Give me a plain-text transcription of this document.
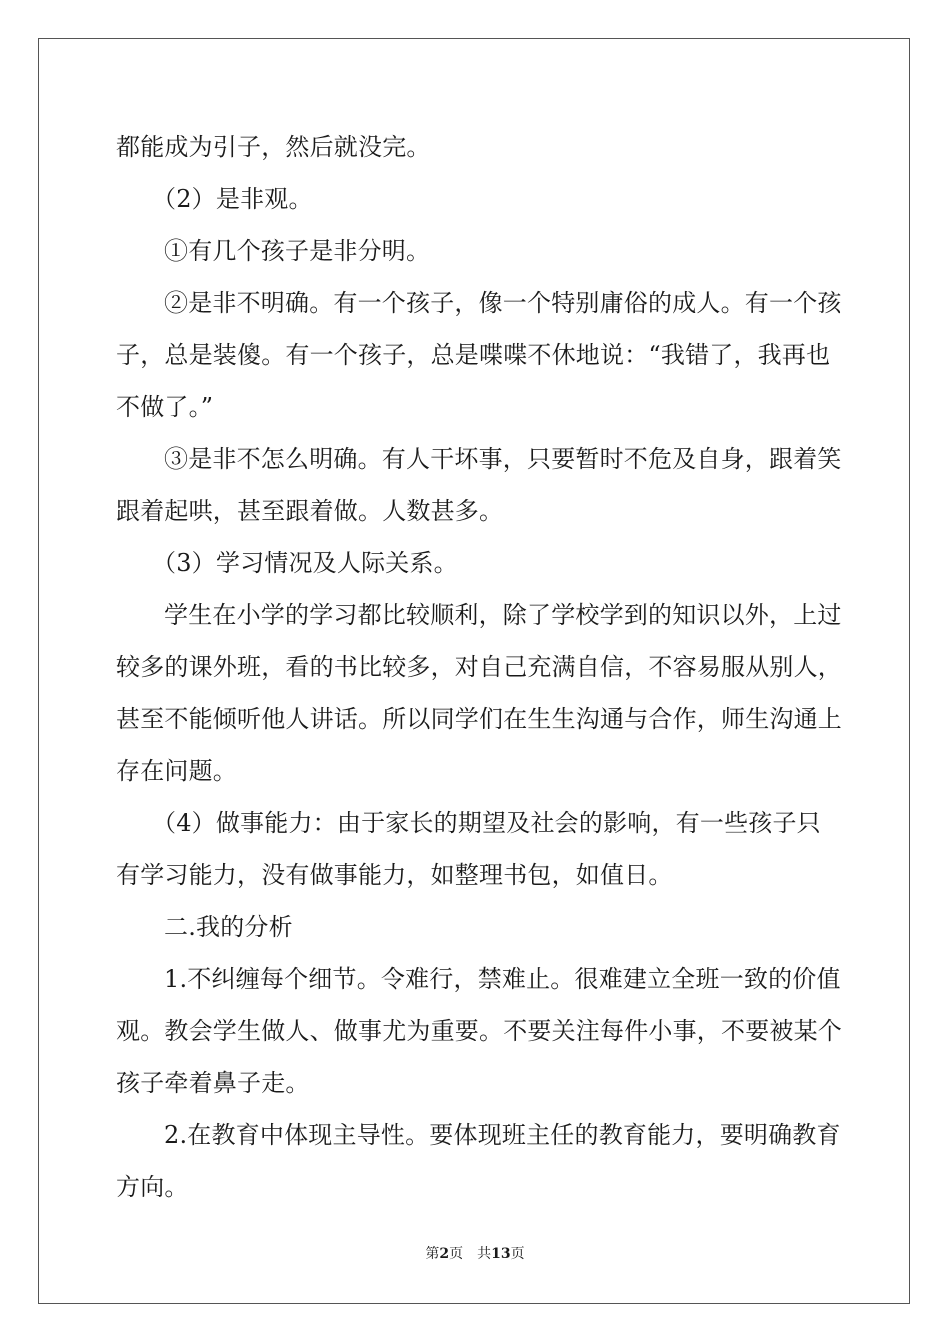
都能成为引子，然后就没完。
（2）是非观。
①有几个孩子是非分明。
②是非不明确。有一个孩子，像一个特别庸俗的成人。有一个孩
子，总是装傻。有一个孩子，总是喋喋不休地说：“我错了，我再也
不做了。”
③是非不怎么明确。有人干坏事，只要暂时不危及自身，跟着笑
跟着起哄，甚至跟着做。人数甚多。
（3）学习情况及人际关系。
学生在小学的学习都比较顺利，除了学校学到的知识以外，上过
较多的课外班，看的书比较多，对自己充满自信，不容易服从别人，
甚至不能倾听他人讲话。所以同学们在生生沟通与合作，师生沟通上
存在问题。
（4）做事能力：由于家长的期望及社会的影响，有一些孩子只
有学习能力，没有做事能力，如整理书包，如值日。
二.我的分析
1.不纠缠每个细节。令难行，禁难止。很难建立全班一致的价值
观。教会学生做人、做事尤为重要。不要关注每件小事，不要被某个
孩子牵着鼻子走。
2.在教育中体现主导性。要体现班主任的教育能力，要明确教育
方向。
第2页 共13页
